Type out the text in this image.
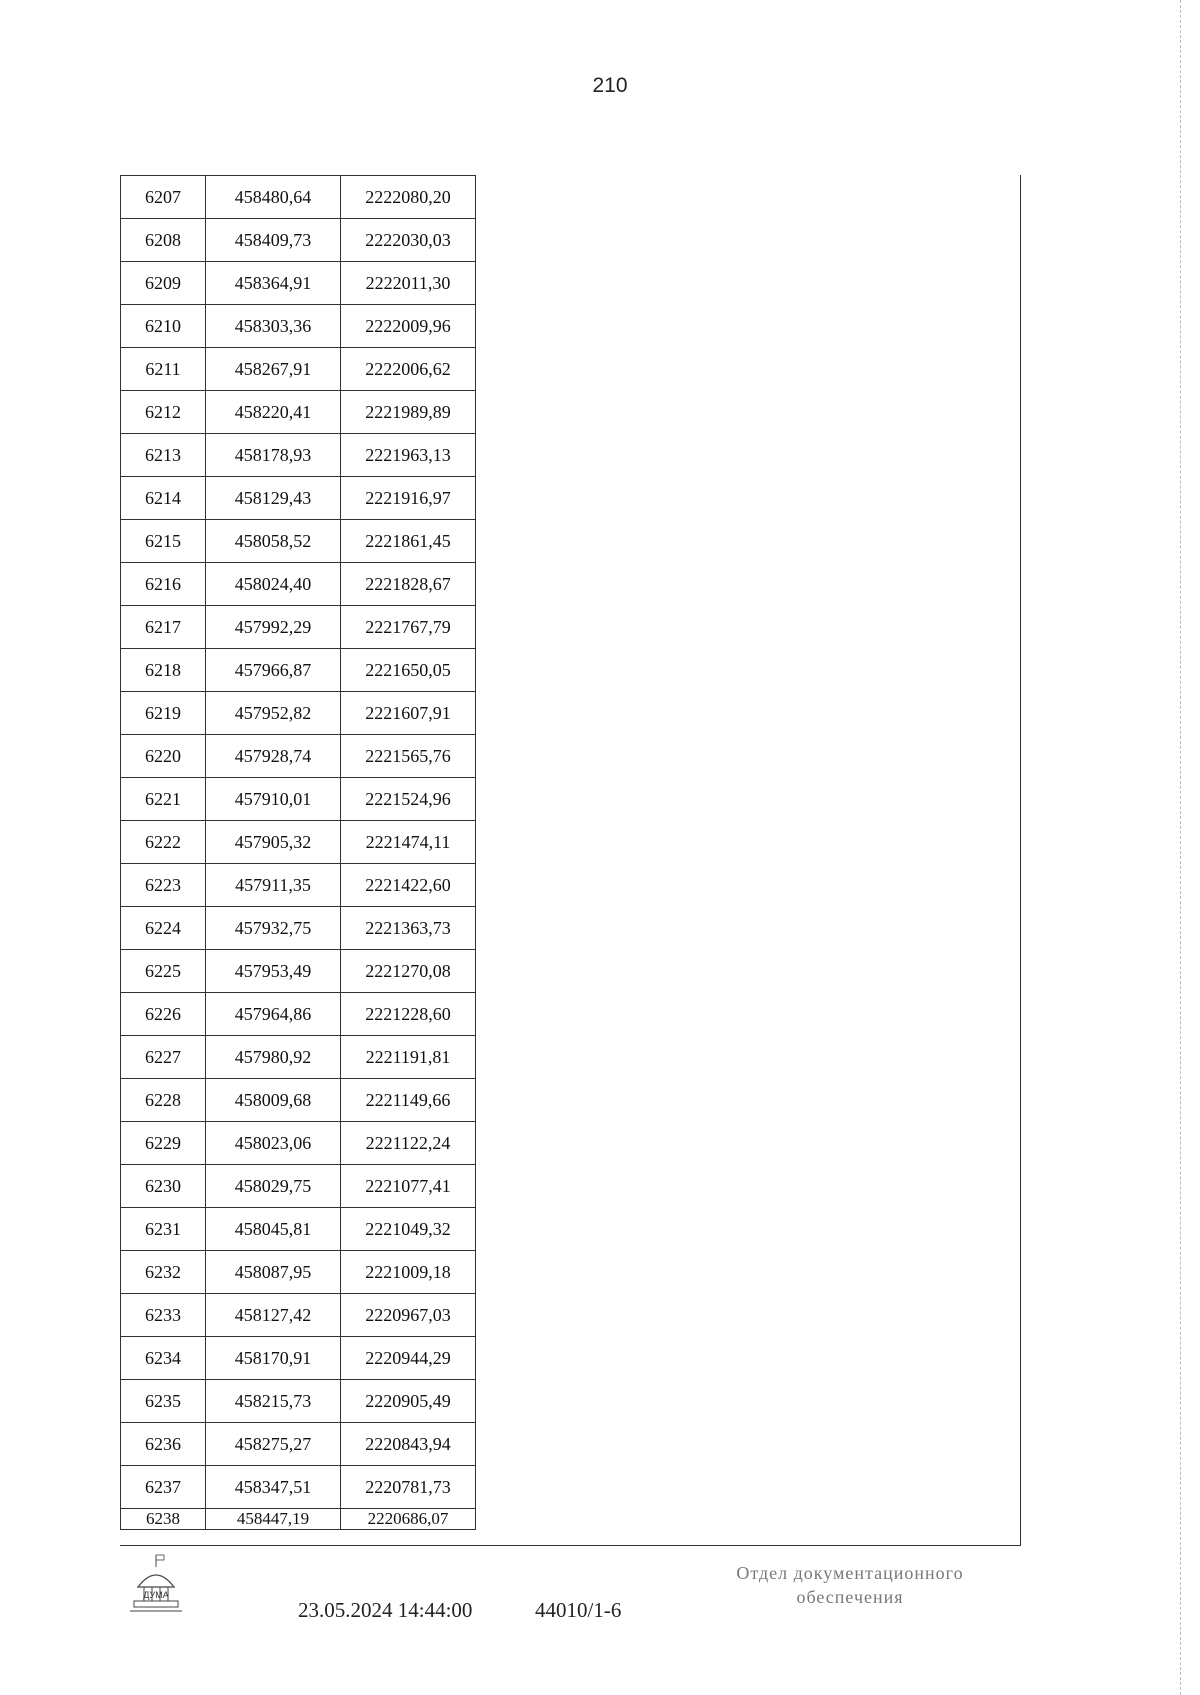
210
6207	458480,64	2222080,20
6208	458409,73	2222030,03
6209	458364,91	2222011,30
6210	458303,36	2222009,96
6211	458267,91	2222006,62
6212	458220,41	2221989,89
6213	458178,93	2221963,13
6214	458129,43	2221916,97
6215	458058,52	2221861,45
6216	458024,40	2221828,67
6217	457992,29	2221767,79
6218	457966,87	2221650,05
6219	457952,82	2221607,91
6220	457928,74	2221565,76
6221	457910,01	2221524,96
6222	457905,32	2221474,11
6223	457911,35	2221422,60
6224	457932,75	2221363,73
6225	457953,49	2221270,08
6226	457964,86	2221228,60
6227	457980,92	2221191,81
6228	458009,68	2221149,66
6229	458023,06	2221122,24
6230	458029,75	2221077,41
6231	458045,81	2221049,32
6232	458087,95	2221009,18
6233	458127,42	2220967,03
6234	458170,91	2220944,29
6235	458215,73	2220905,49
6236	458275,27	2220843,94
6237	458347,51	2220781,73
6238	458447,19	2220686,07
ДУМА
23.05.2024 14:44:00	44010/1-6
Отдел документационного
обеспечения
